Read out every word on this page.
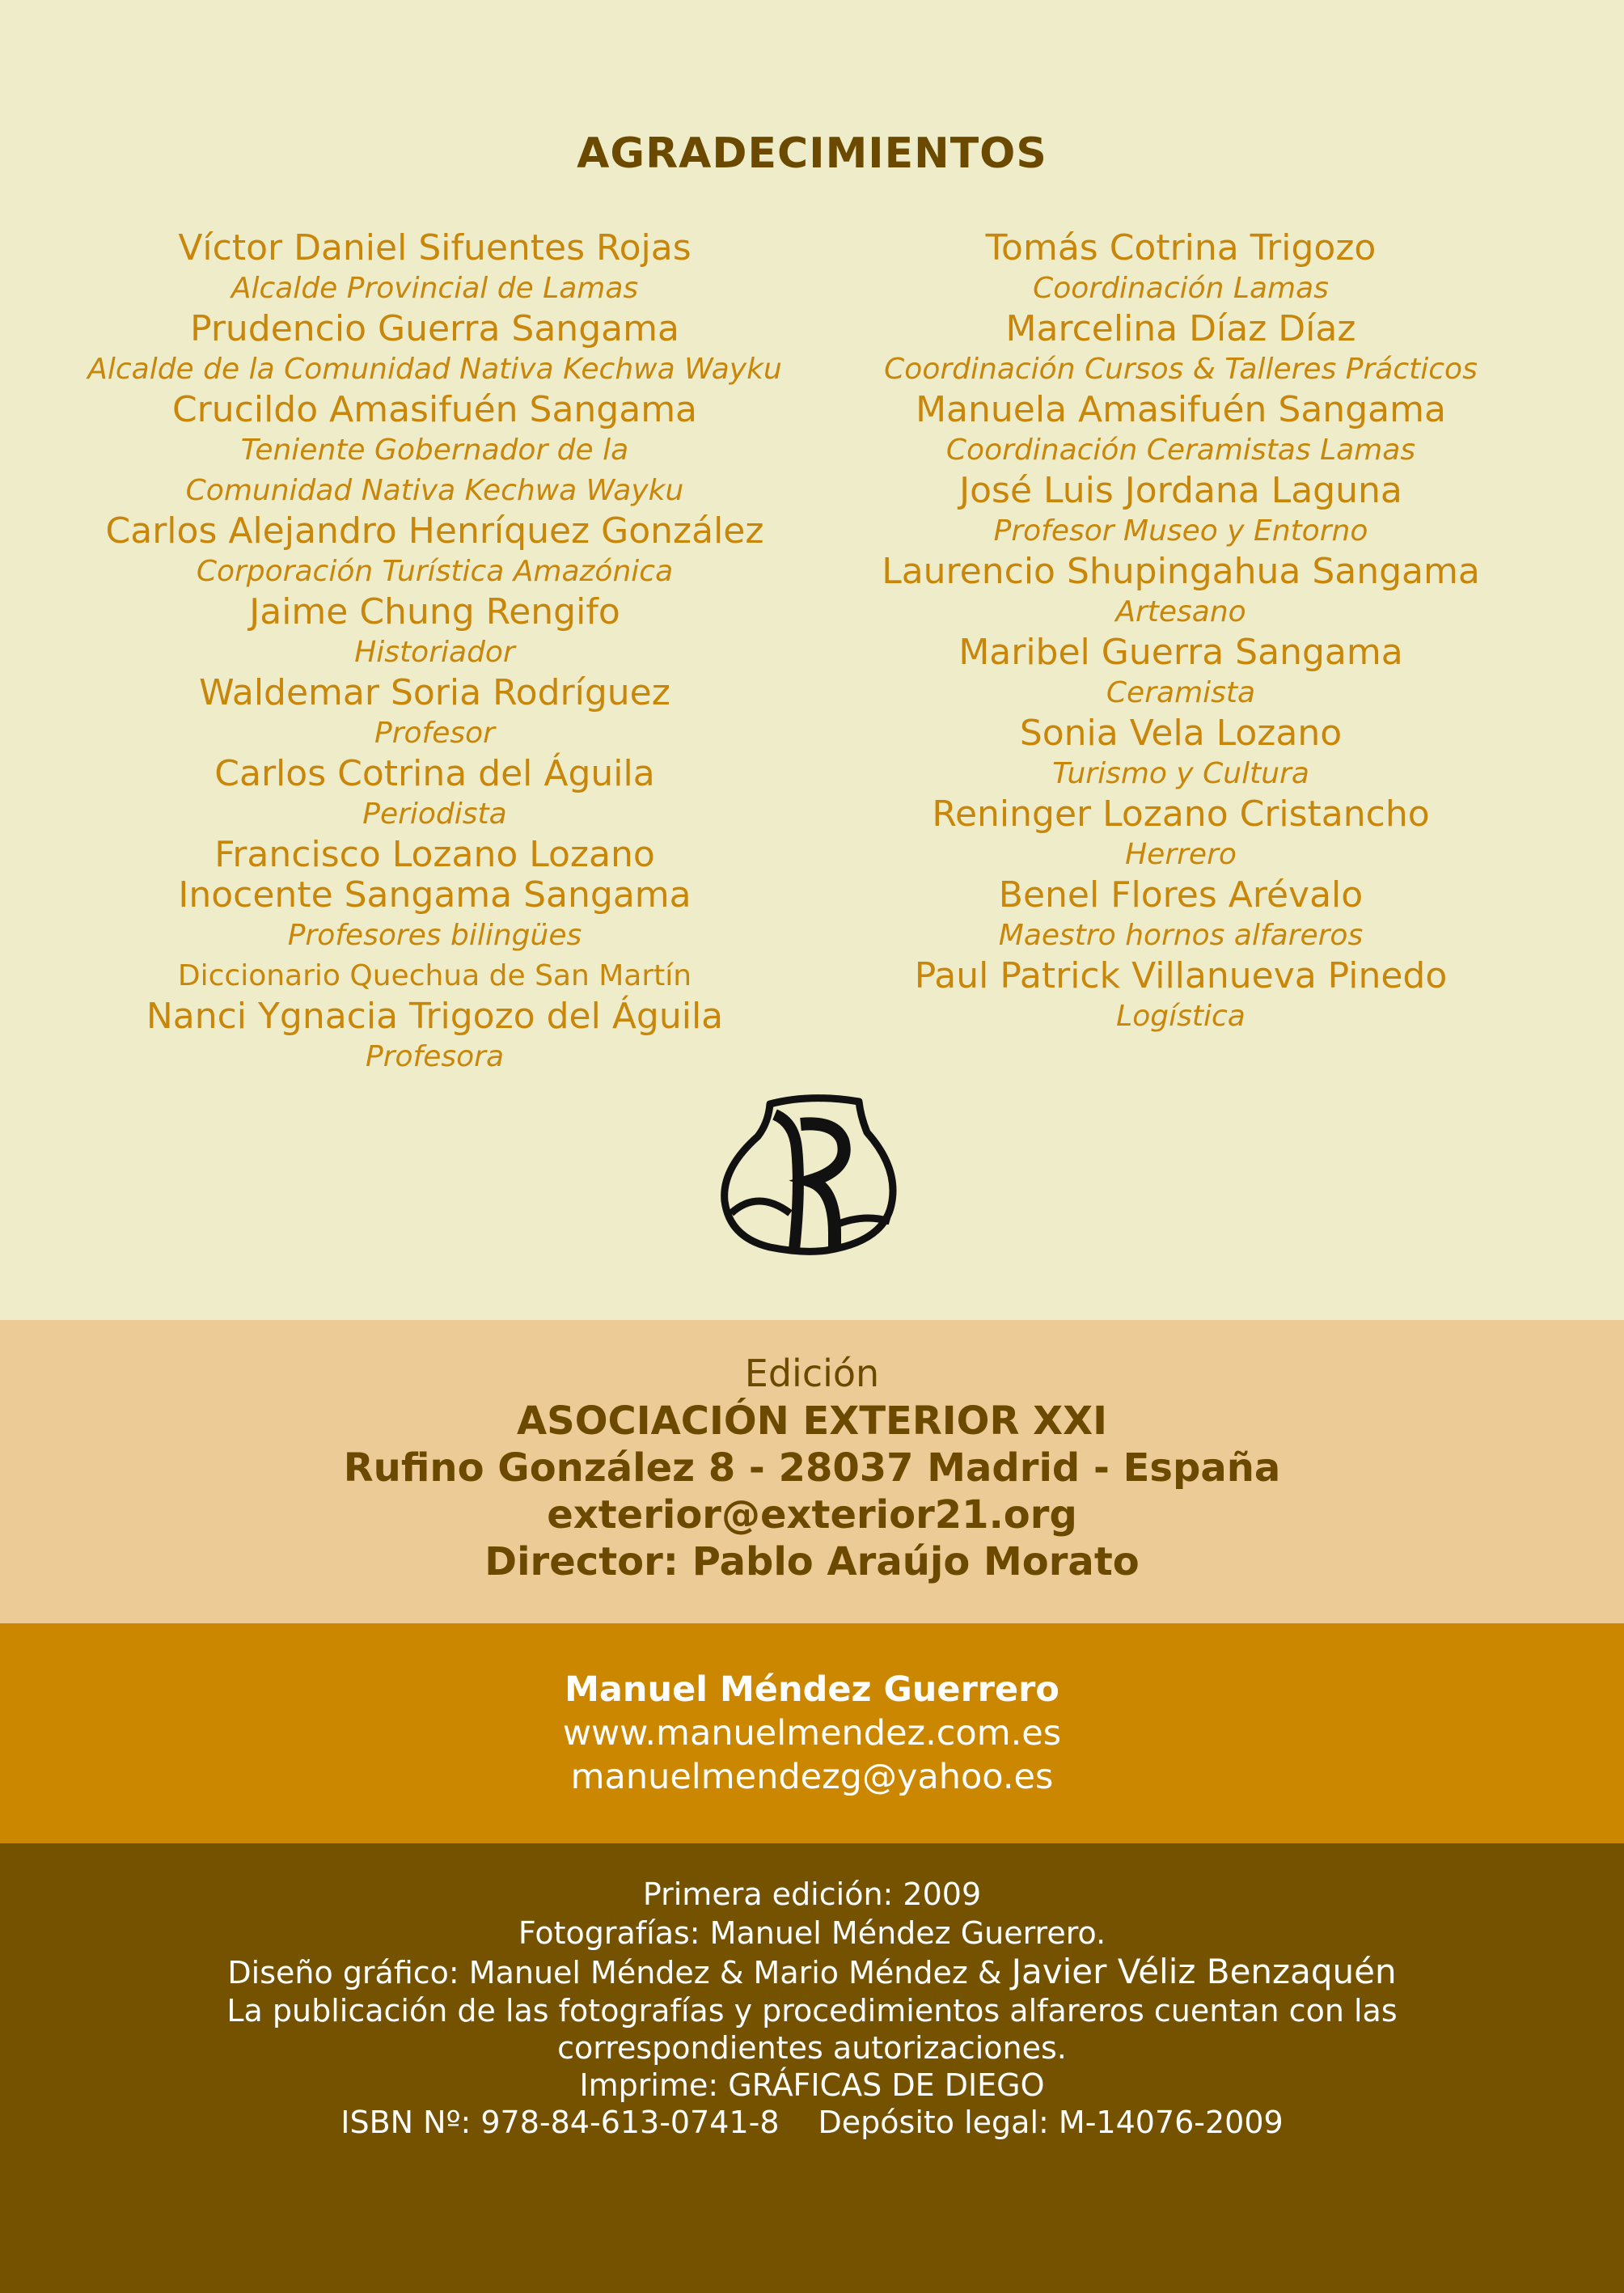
AGRADECIMIENTOS
Víctor Daniel Sifuentes Rojas
Alcalde Provincial de Lamas
Prudencio Guerra Sangama
Alcalde de la Comunidad Nativa Kechwa Wayku
Crucildo Amasifuén Sangama
Teniente Gobernador de la
Comunidad Nativa Kechwa Wayku
Carlos Alejandro Henríquez González
Corporación Turística Amazónica
Jaime Chung Rengifo
Historiador
Waldemar Soria Rodríguez
Profesor
Carlos Cotrina del Águila
Periodista
Francisco Lozano Lozano
Inocente Sangama Sangama
Profesores bilingües
Diccionario Quechua de San Martín
Nanci Ygnacia Trigozo del Águila
Profesora
Tomás Cotrina Trigozo
Coordinación Lamas
Marcelina Díaz Díaz
Coordinación Cursos & Talleres Prácticos
Manuela Amasifuén Sangama
Coordinación Ceramistas Lamas
José Luis Jordana Laguna
Profesor Museo y Entorno
Laurencio Shupingahua Sangama
Artesano
Maribel Guerra Sangama
Ceramista
Sonia Vela Lozano
Turismo y Cultura
Reninger Lozano Cristancho
Herrero
Benel Flores Arévalo
Maestro hornos alfareros
Paul Patrick Villanueva Pinedo
Logística
Edición
ASOCIACIÓN EXTERIOR XXI
Rufino González 8 - 28037 Madrid - España
exterior@exterior21.org
Director: Pablo Araújo Morato
Manuel Méndez Guerrero
www.manuelmendez.com.es
manuelmendezg@yahoo.es
Primera edición: 2009
Fotografías: Manuel Méndez Guerrero.
Diseño gráfico: Manuel Méndez & Mario Méndez & Javier Véliz Benzaquén
La publicación de las fotografías y procedimientos alfareros cuentan con las
correspondientes autorizaciones.
Imprime: GRÁFICAS DE DIEGO
ISBN Nº: 978-84-613-0741-8 Depósito legal: M-14076-2009
